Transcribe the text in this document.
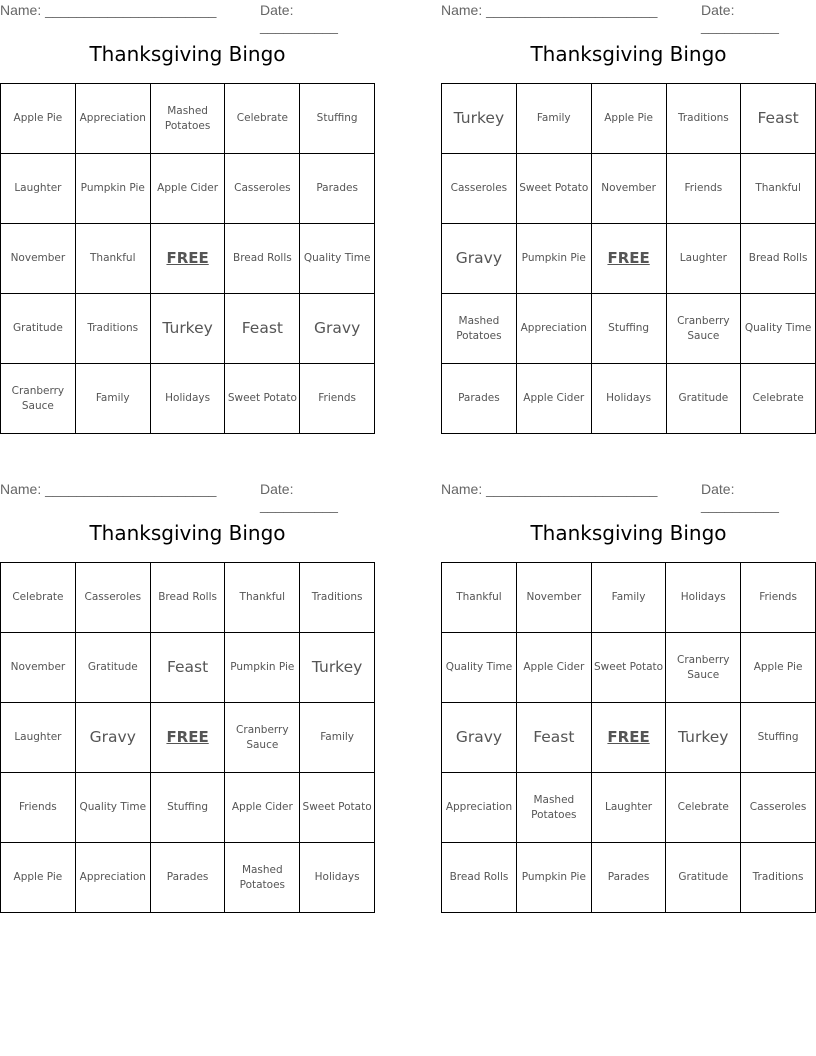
Name: ______________________	Date: __________
Thanksgiving Bingo
Apple Pie	Appreciation	Mashed Potatoes	Celebrate	Stuffing
Laughter	Pumpkin Pie	Apple Cider	Casseroles	Parades
November	Thankful	FREE	Bread Rolls	Quality Time
Gratitude	Traditions	Turkey	Feast	Gravy
Cranberry Sauce	Family	Holidays	Sweet Potato	Friends
Name: ______________________	Date: __________
Thanksgiving Bingo
Turkey	Family	Apple Pie	Traditions	Feast
Casseroles	Sweet Potato	November	Friends	Thankful
Gravy	Pumpkin Pie	FREE	Laughter	Bread Rolls
Mashed Potatoes	Appreciation	Stuffing	Cranberry Sauce	Quality Time
Parades	Apple Cider	Holidays	Gratitude	Celebrate
Name: ______________________	Date: __________
Thanksgiving Bingo
Celebrate	Casseroles	Bread Rolls	Thankful	Traditions
November	Gratitude	Feast	Pumpkin Pie	Turkey
Laughter	Gravy	FREE	Cranberry Sauce	Family
Friends	Quality Time	Stuffing	Apple Cider	Sweet Potato
Apple Pie	Appreciation	Parades	Mashed Potatoes	Holidays
Name: ______________________	Date: __________
Thanksgiving Bingo
Thankful	November	Family	Holidays	Friends
Quality Time	Apple Cider	Sweet Potato	Cranberry Sauce	Apple Pie
Gravy	Feast	FREE	Turkey	Stuffing
Appreciation	Mashed Potatoes	Laughter	Celebrate	Casseroles
Bread Rolls	Pumpkin Pie	Parades	Gratitude	Traditions
